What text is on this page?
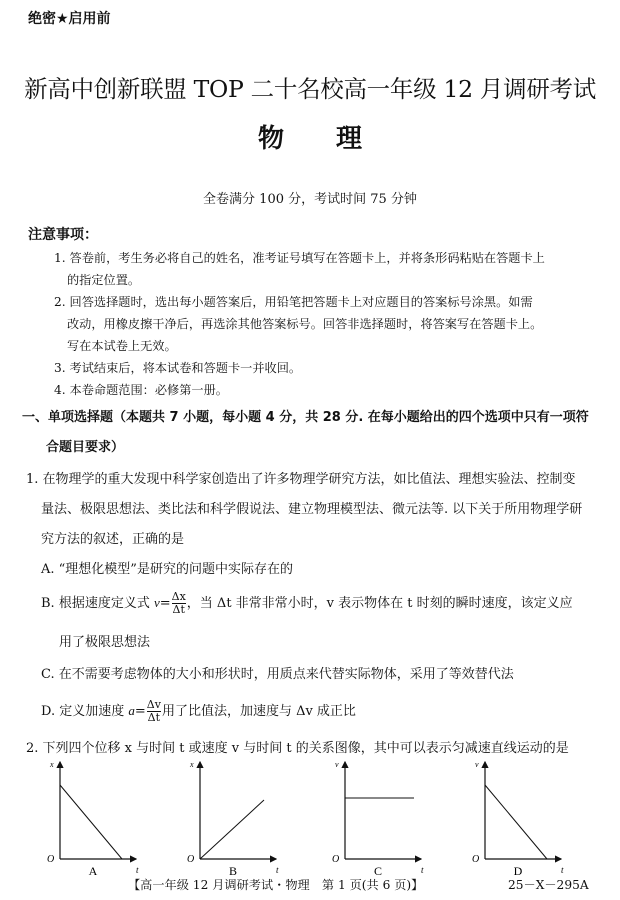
绝密★启用前
新高中创新联盟 TOP 二十名校高一年级 12 月调研考试
物　　理
全卷满分 100 分，考试时间 75 分钟
注意事项：
1. 答卷前，考生务必将自己的姓名，准考证号填写在答题卡上，并将条形码粘贴在答题卡上
的指定位置。
2. 回答选择题时，选出每小题答案后，用铅笔把答题卡上对应题目的答案标号涂黑。如需
改动，用橡皮擦干净后，再选涂其他答案标号。回答非选择题时，将答案写在答题卡上。
写在本试卷上无效。
3. 考试结束后，将本试卷和答题卡一并收回。
4. 本卷命题范围：必修第一册。
一、单项选择题（本题共 7 小题，每小题 4 分，共 28 分. 在每小题给出的四个选项中只有一项符
合题目要求）
1. 在物理学的重大发现中科学家创造出了许多物理学研究方法，如比值法、理想实验法、控制变
量法、极限思想法、类比法和科学假说法、建立物理模型法、微元法等. 以下关于所用物理学研
究方法的叙述，正确的是
A. “理想化模型”是研究的问题中实际存在的
B. 根据速度定义式 $v= \frac{\Delta x}{\Delta t}$ ，当 Δt 非常非常小时，v 表示物体在 t 时刻的瞬时速度，该定义应
用了极限思想法
C. 在不需要考虑物体的大小和形状时，用质点来代替实际物体，采用了等效替代法
D. 定义加速度 $a= \frac{\Delta v}{\Delta t}$ 用了比值法，加速度与 Δv 成正比
2. 下列四个位移 x 与时间 t 或速度 v 与时间 t 的关系图像，其中可以表示匀减速直线运动的是
O
x
t
A
O
x
t
B
O
v
t
C
O
v
t
D
【高一年级 12 月调研考试・物理　第 1 页(共 6 页)】	25－X－295A
